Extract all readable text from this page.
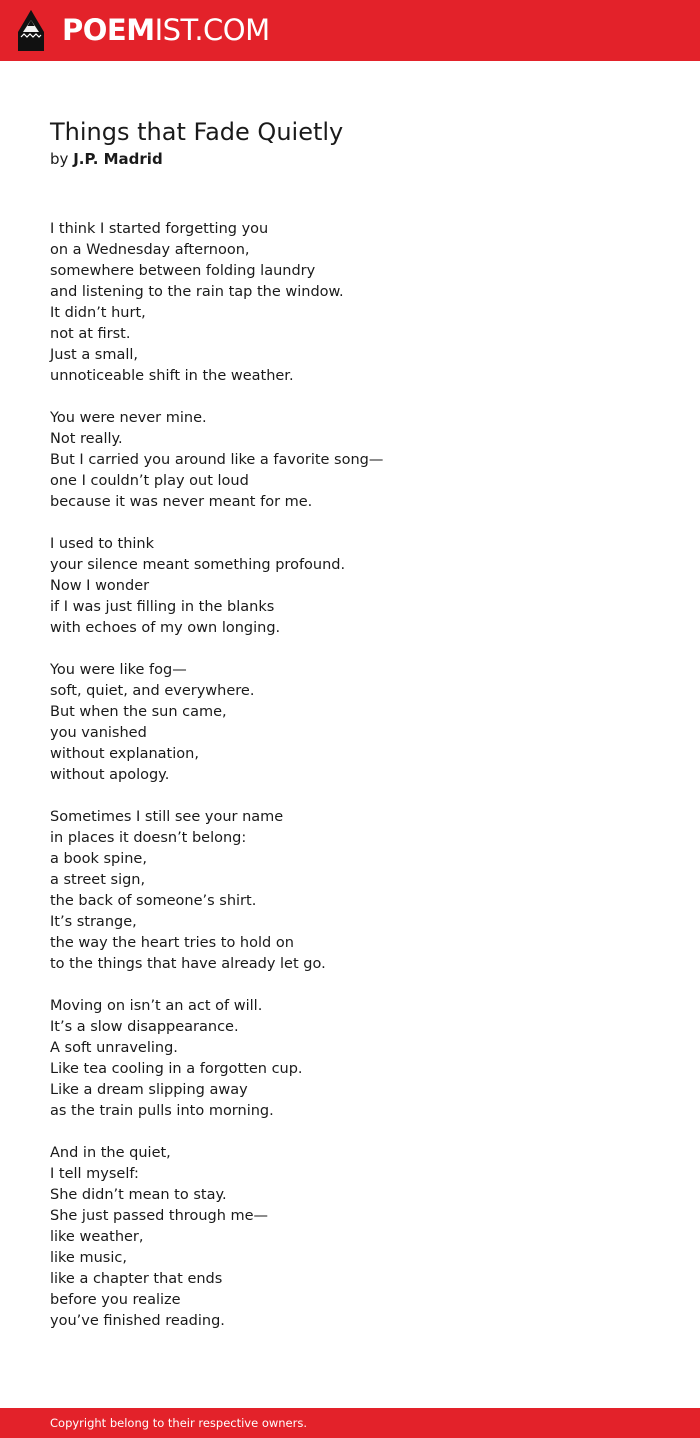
POEMIST.COM
Things that Fade Quietly
by J.P. Madrid
I think I started forgetting you
on a Wednesday afternoon,
somewhere between folding laundry
and listening to the rain tap the window.
It didn’t hurt,
not at first.
Just a small,
unnoticeable shift in the weather.
You were never mine.
Not really.
But I carried you around like a favorite song—
one I couldn’t play out loud
because it was never meant for me.
I used to think
your silence meant something profound.
Now I wonder
if I was just filling in the blanks
with echoes of my own longing.
You were like fog—
soft, quiet, and everywhere.
But when the sun came,
you vanished
without explanation,
without apology.
Sometimes I still see your name
in places it doesn’t belong:
a book spine,
a street sign,
the back of someone’s shirt.
It’s strange,
the way the heart tries to hold on
to the things that have already let go.
Moving on isn’t an act of will.
It’s a slow disappearance.
A soft unraveling.
Like tea cooling in a forgotten cup.
Like a dream slipping away
as the train pulls into morning.
And in the quiet,
I tell myself:
She didn’t mean to stay.
She just passed through me—
like weather,
like music,
like a chapter that ends
before you realize
you’ve finished reading.
Copyright belong to their respective owners.
